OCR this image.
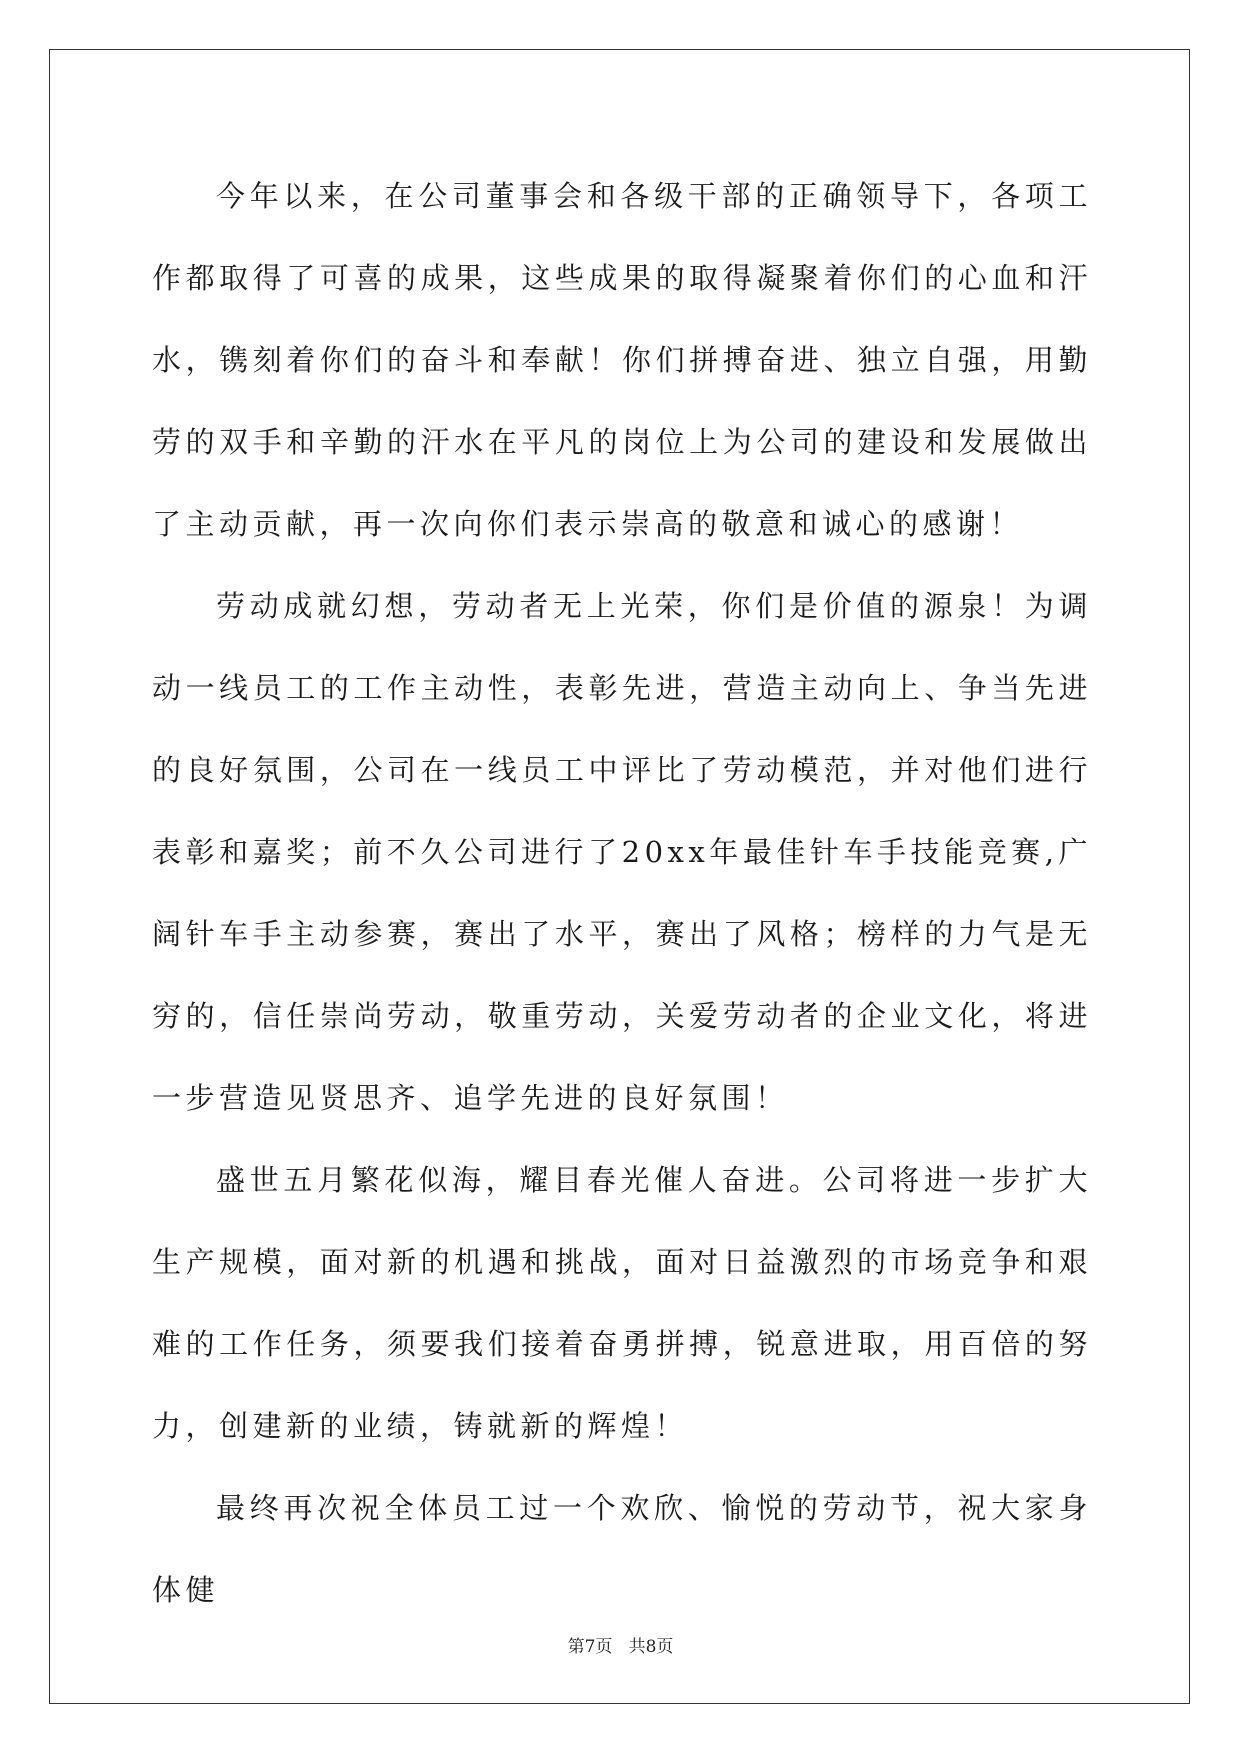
今年以来，在公司董事会和各级干部的正确领导下，各项工作都取得了可喜的成果，这些成果的取得凝聚着你们的心血和汗水，镌刻着你们的奋斗和奉献！你们拼搏奋进、独立自强，用勤劳的双手和辛勤的汗水在平凡的岗位上为公司的建设和发展做出了主动贡献，再一次向你们表示崇高的敬意和诚心的感谢！

劳动成就幻想，劳动者无上光荣，你们是价值的源泉！为调动一线员工的工作主动性，表彰先进，营造主动向上、争当先进的良好氛围，公司在一线员工中评比了劳动模范，并对他们进行表彰和嘉奖；前不久公司进行了20xx年最佳针车手技能竞赛,广阔针车手主动参赛，赛出了水平，赛出了风格；榜样的力气是无穷的，信任崇尚劳动，敬重劳动，关爱劳动者的企业文化，将进一步营造见贤思齐、追学先进的良好氛围！

盛世五月繁花似海，耀目春光催人奋进。公司将进一步扩大生产规模，面对新的机遇和挑战，面对日益激烈的市场竞争和艰难的工作任务，须要我们接着奋勇拼搏，锐意进取，用百倍的努力，创建新的业绩，铸就新的辉煌！

最终再次祝全体员工过一个欢欣、愉悦的劳动节，祝大家身体健

第7页   共8页
